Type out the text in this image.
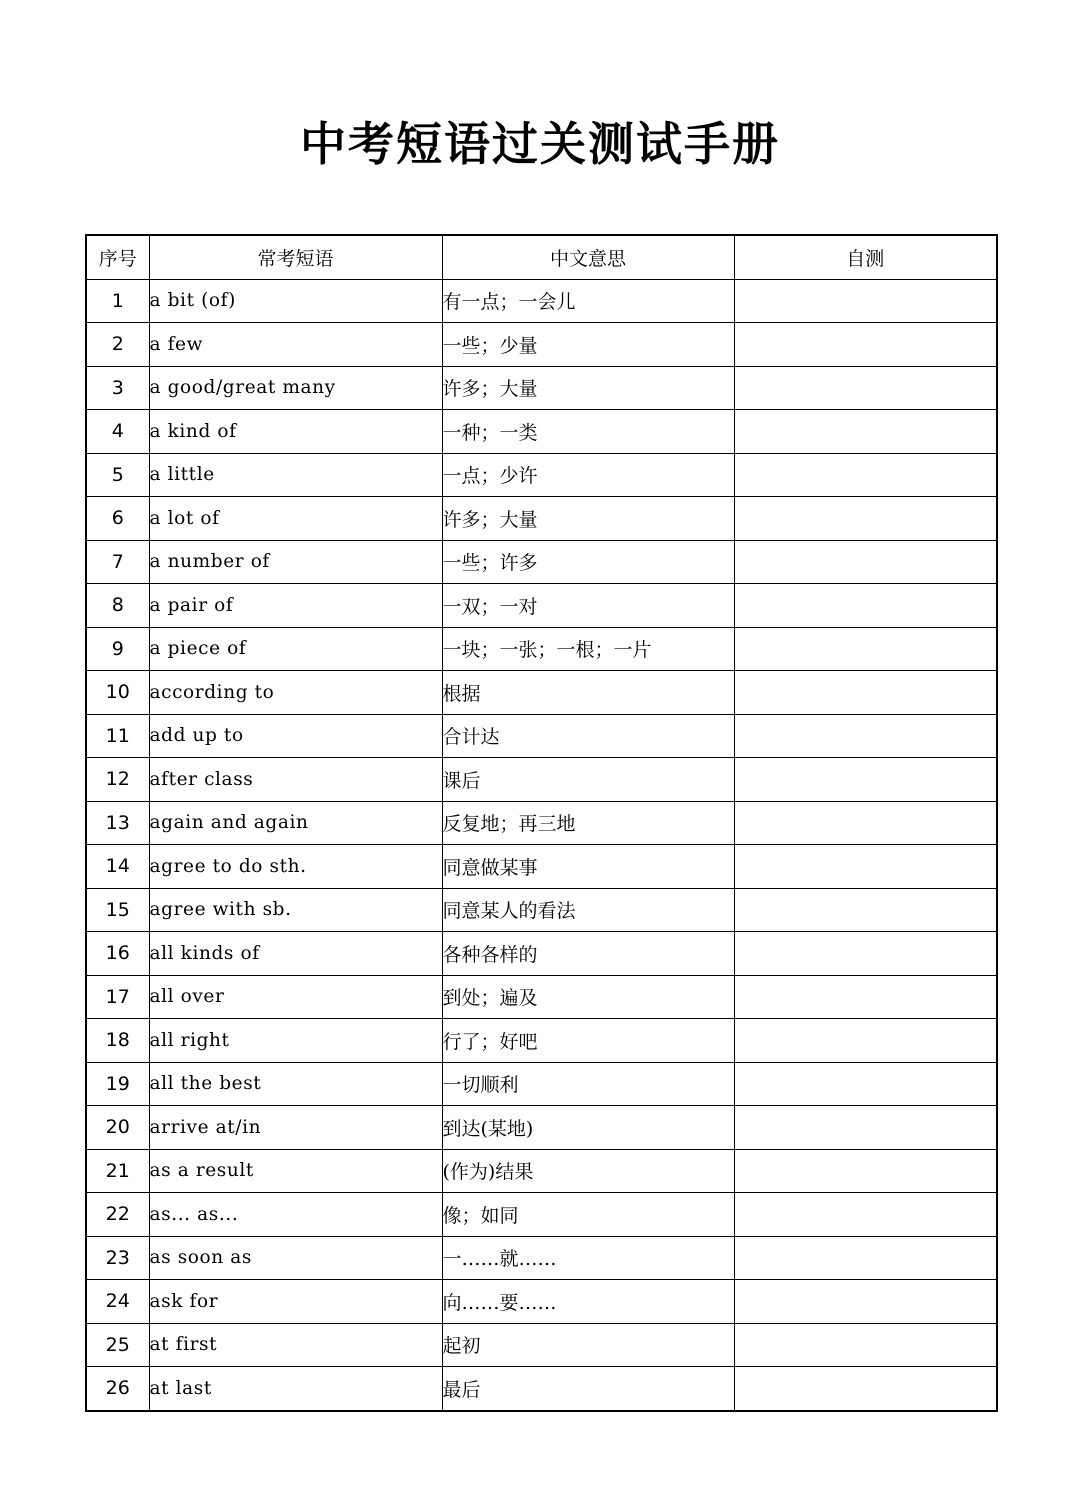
中考短语过关测试手册
序号	常考短语	中文意思	自测
1	a bit (of)	有一点；一会儿	
2	a few	一些；少量	
3	a good/great many	许多；大量	
4	a kind of	一种；一类	
5	a little	一点；少许	
6	a lot of	许多；大量	
7	a number of	一些；许多	
8	a pair of	一双；一对	
9	a piece of	一块；一张；一根；一片	
10	according to	根据	
11	add up to	合计达	
12	after class	课后	
13	again and again	反复地；再三地	
14	agree to do sth.	同意做某事	
15	agree with sb.	同意某人的看法	
16	all kinds of	各种各样的	
17	all over	到处；遍及	
18	all right	行了；好吧	
19	all the best	一切顺利	
20	arrive at/in	到达(某地)	
21	as a result	(作为)结果	
22	as... as...	像；如同	
23	as soon as	一……就……	
24	ask for	向……要……	
25	at first	起初	
26	at last	最后	
